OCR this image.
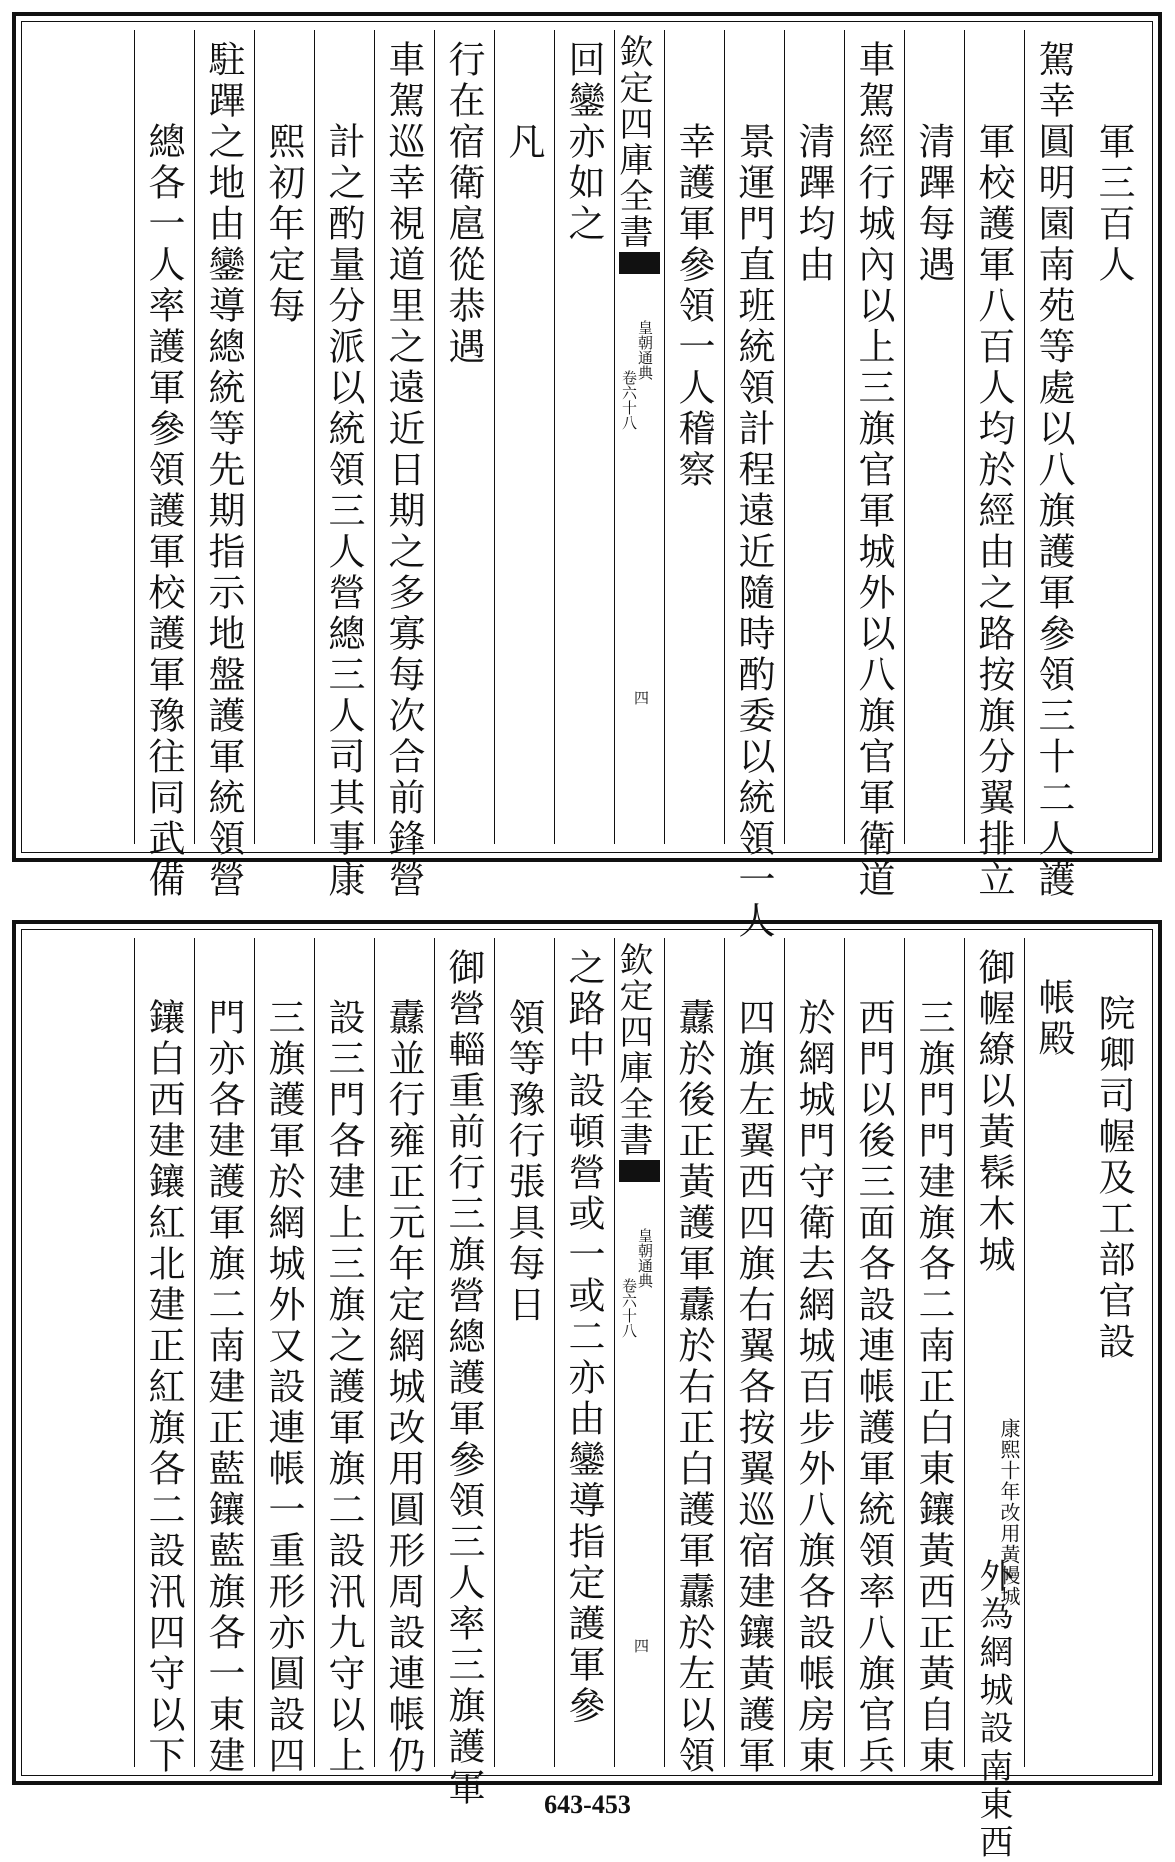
軍三百人
駕幸圓明園南苑等處以八旗護軍參領三十二人護
軍校護軍八百人均於經由之路按旗分翼排立
清蹕每遇
車駕經行城內以上三旗官軍城外以八旗官軍衛道
清蹕均由
景運門直班統領計程遠近隨時酌委以統領一人
幸護軍參領一人稽察
欽定四庫全書
皇朝通典
卷六十八
四
回鑾亦如之
凡
行在宿衛扈從恭遇
車駕巡幸視道里之遠近日期之多寡每次合前鋒營
計之酌量分派以統領三人營總三人司其事康
熙初年定每
駐蹕之地由鑾導總統等先期指示地盤護軍統領營
總各一人率護軍參領護軍校護軍豫往同武備
院卿司幄及工部官設
帳殿
御幄繚以黃髹木城
康熙十年改用黃幔城
外為網城設南東西
三旗門門建旗各二南正白東鑲黃西正黃自東
西門以後三面各設連帳護軍統領率八旗官兵
於網城門守衛去網城百步外八旗各設帳房東
四旗左翼西四旗右翼各按翼巡宿建鑲黃護軍
纛於後正黃護軍纛於右正白護軍纛於左以領
欽定四庫全書
皇朝通典
卷六十八
四
之路中設頓營或一或二亦由鑾導指定護軍參
領等豫行張具每日
御營輜重前行三旗營總護軍參領三人率三旗護軍
纛並行雍正元年定網城改用圓形周設連帳仍
設三門各建上三旗之護軍旗二設汛九守以上
三旗護軍於網城外又設連帳一重形亦圓設四
門亦各建護軍旗二南建正藍鑲藍旗各一東建
鑲白西建鑲紅北建正紅旗各二設汛四守以下
643-453
